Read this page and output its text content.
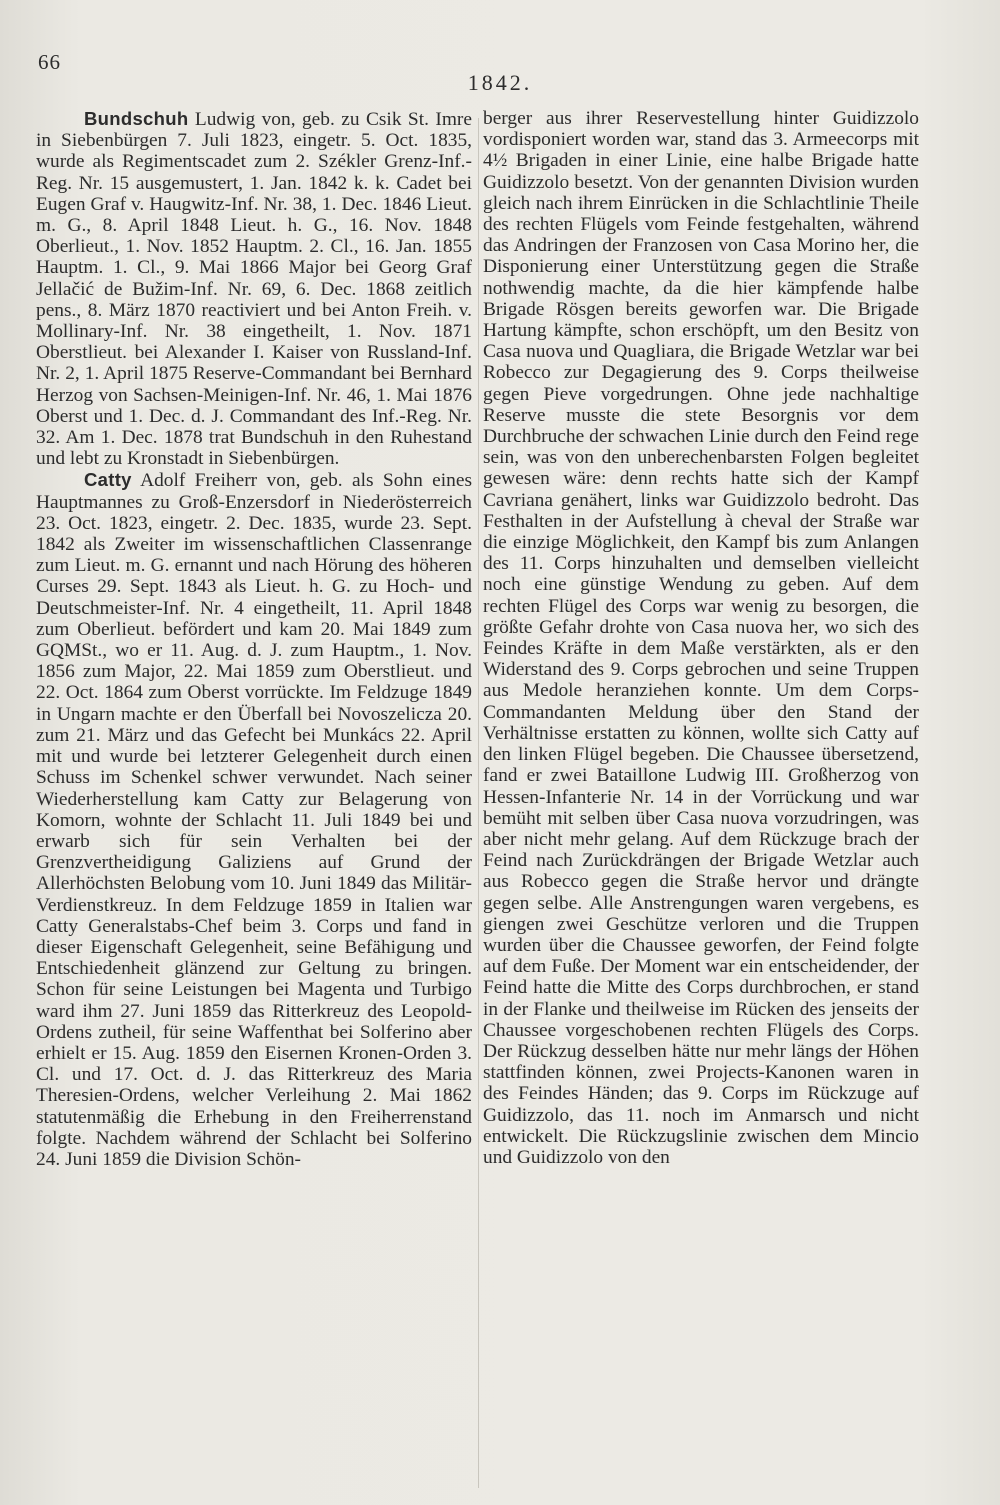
66
1842.

Bundschuh Ludwig von, geb. zu Csik St. Imre in Siebenbürgen 7. Juli 1823, eingetr. 5. Oct. 1835, wurde als Regimentscadet zum 2. Székler Grenz-Inf.-Reg. Nr. 15 ausgemustert, 1. Jan. 1842 k. k. Cadet bei Eugen Graf v. Haugwitz-Inf. Nr. 38, 1. Dec. 1846 Lieut. m. G., 8. April 1848 Lieut. h. G., 16. Nov. 1848 Oberlieut., 1. Nov. 1852 Hauptm. 2. Cl., 16. Jan. 1855 Hauptm. 1. Cl., 9. Mai 1866 Major bei Georg Graf Jellačić de Bužim-Inf. Nr. 69, 6. Dec. 1868 zeitlich pens., 8. März 1870 reactiviert und bei Anton Freih. v. Mollinary-Inf. Nr. 38 eingetheilt, 1. Nov. 1871 Oberstlieut. bei Alexander I. Kaiser von Russland-Inf. Nr. 2, 1. April 1875 Reserve-Commandant bei Bernhard Herzog von Sachsen-Meinigen-Inf. Nr. 46, 1. Mai 1876 Oberst und 1. Dec. d. J. Commandant des Inf.-Reg. Nr. 32. Am 1. Dec. 1878 trat Bundschuh in den Ruhestand und lebt zu Kronstadt in Siebenbürgen.

Catty Adolf Freiherr von, geb. als Sohn eines Hauptmannes zu Groß-Enzersdorf in Niederösterreich 23. Oct. 1823, eingetr. 2. Dec. 1835, wurde 23. Sept. 1842 als Zweiter im wissenschaftlichen Classenrange zum Lieut. m. G. ernannt und nach Hörung des höheren Curses 29. Sept. 1843 als Lieut. h. G. zu Hoch- und Deutschmeister-Inf. Nr. 4 eingetheilt, 11. April 1848 zum Oberlieut. befördert und kam 20. Mai 1849 zum GQMSt., wo er 11. Aug. d. J. zum Hauptm., 1. Nov. 1856 zum Major, 22. Mai 1859 zum Oberstlieut. und 22. Oct. 1864 zum Oberst vorrückte. Im Feldzuge 1849 in Ungarn machte er den Überfall bei Novoszelicza 20. zum 21. März und das Gefecht bei Munkács 22. April mit und wurde bei letzterer Gelegenheit durch einen Schuss im Schenkel schwer verwundet. Nach seiner Wiederherstellung kam Catty zur Belagerung von Komorn, wohnte der Schlacht 11. Juli 1849 bei und erwarb sich für sein Verhalten bei der Grenzvertheidigung Galiziens auf Grund der Allerhöchsten Belobung vom 10. Juni 1849 das Militär-Verdienstkreuz. In dem Feldzuge 1859 in Italien war Catty Generalstabs-Chef beim 3. Corps und fand in dieser Eigenschaft Gelegenheit, seine Befähigung und Entschiedenheit glänzend zur Geltung zu bringen. Schon für seine Leistungen bei Magenta und Turbigo ward ihm 27. Juni 1859 das Ritterkreuz des Leopold-Ordens zutheil, für seine Waffenthat bei Solferino aber erhielt er 15. Aug. 1859 den Eisernen Kronen-Orden 3. Cl. und 17. Oct. d. J. das Ritterkreuz des Maria Theresien-Ordens, welcher Verleihung 2. Mai 1862 statutenmäßig die Erhebung in den Freiherrenstand folgte. Nachdem während der Schlacht bei Solferino 24. Juni 1859 die Division Schön-

berger aus ihrer Reservestellung hinter Guidizzolo vordisponiert worden war, stand das 3. Armeecorps mit 4½ Brigaden in einer Linie, eine halbe Brigade hatte Guidizzolo besetzt. Von der genannten Division wurden gleich nach ihrem Einrücken in die Schlachtlinie Theile des rechten Flügels vom Feinde festgehalten, während das Andringen der Franzosen von Casa Morino her, die Disponierung einer Unterstützung gegen die Straße nothwendig machte, da die hier kämpfende halbe Brigade Rösgen bereits geworfen war. Die Brigade Hartung kämpfte, schon erschöpft, um den Besitz von Casa nuova und Quagliara, die Brigade Wetzlar war bei Robecco zur Degagierung des 9. Corps theilweise gegen Pieve vorgedrungen. Ohne jede nachhaltige Reserve musste die stete Besorgnis vor dem Durchbruche der schwachen Linie durch den Feind rege sein, was von den unberechenbarsten Folgen begleitet gewesen wäre: denn rechts hatte sich der Kampf Cavriana genähert, links war Guidizzolo bedroht. Das Festhalten in der Aufstellung à cheval der Straße war die einzige Möglichkeit, den Kampf bis zum Anlangen des 11. Corps hinzuhalten und demselben vielleicht noch eine günstige Wendung zu geben. Auf dem rechten Flügel des Corps war wenig zu besorgen, die größte Gefahr drohte von Casa nuova her, wo sich des Feindes Kräfte in dem Maße verstärkten, als er den Widerstand des 9. Corps gebrochen und seine Truppen aus Medole heranziehen konnte. Um dem Corps-Commandanten Meldung über den Stand der Verhältnisse erstatten zu können, wollte sich Catty auf den linken Flügel begeben. Die Chaussee übersetzend, fand er zwei Bataillone Ludwig III. Großherzog von Hessen-Infanterie Nr. 14 in der Vorrückung und war bemüht mit selben über Casa nuova vorzudringen, was aber nicht mehr gelang. Auf dem Rückzuge brach der Feind nach Zurückdrängen der Brigade Wetzlar auch aus Robecco gegen die Straße hervor und drängte gegen selbe. Alle Anstrengungen waren vergebens, es giengen zwei Geschütze verloren und die Truppen wurden über die Chaussee geworfen, der Feind folgte auf dem Fuße. Der Moment war ein entscheidender, der Feind hatte die Mitte des Corps durchbrochen, er stand in der Flanke und theilweise im Rücken des jenseits der Chaussee vorgeschobenen rechten Flügels des Corps. Der Rückzug desselben hätte nur mehr längs der Höhen stattfinden können, zwei Projects-Kanonen waren in des Feindes Händen; das 9. Corps im Rückzuge auf Guidizzolo, das 11. noch im Anmarsch und nicht entwickelt. Die Rückzugslinie zwischen dem Mincio und Guidizzolo von den
